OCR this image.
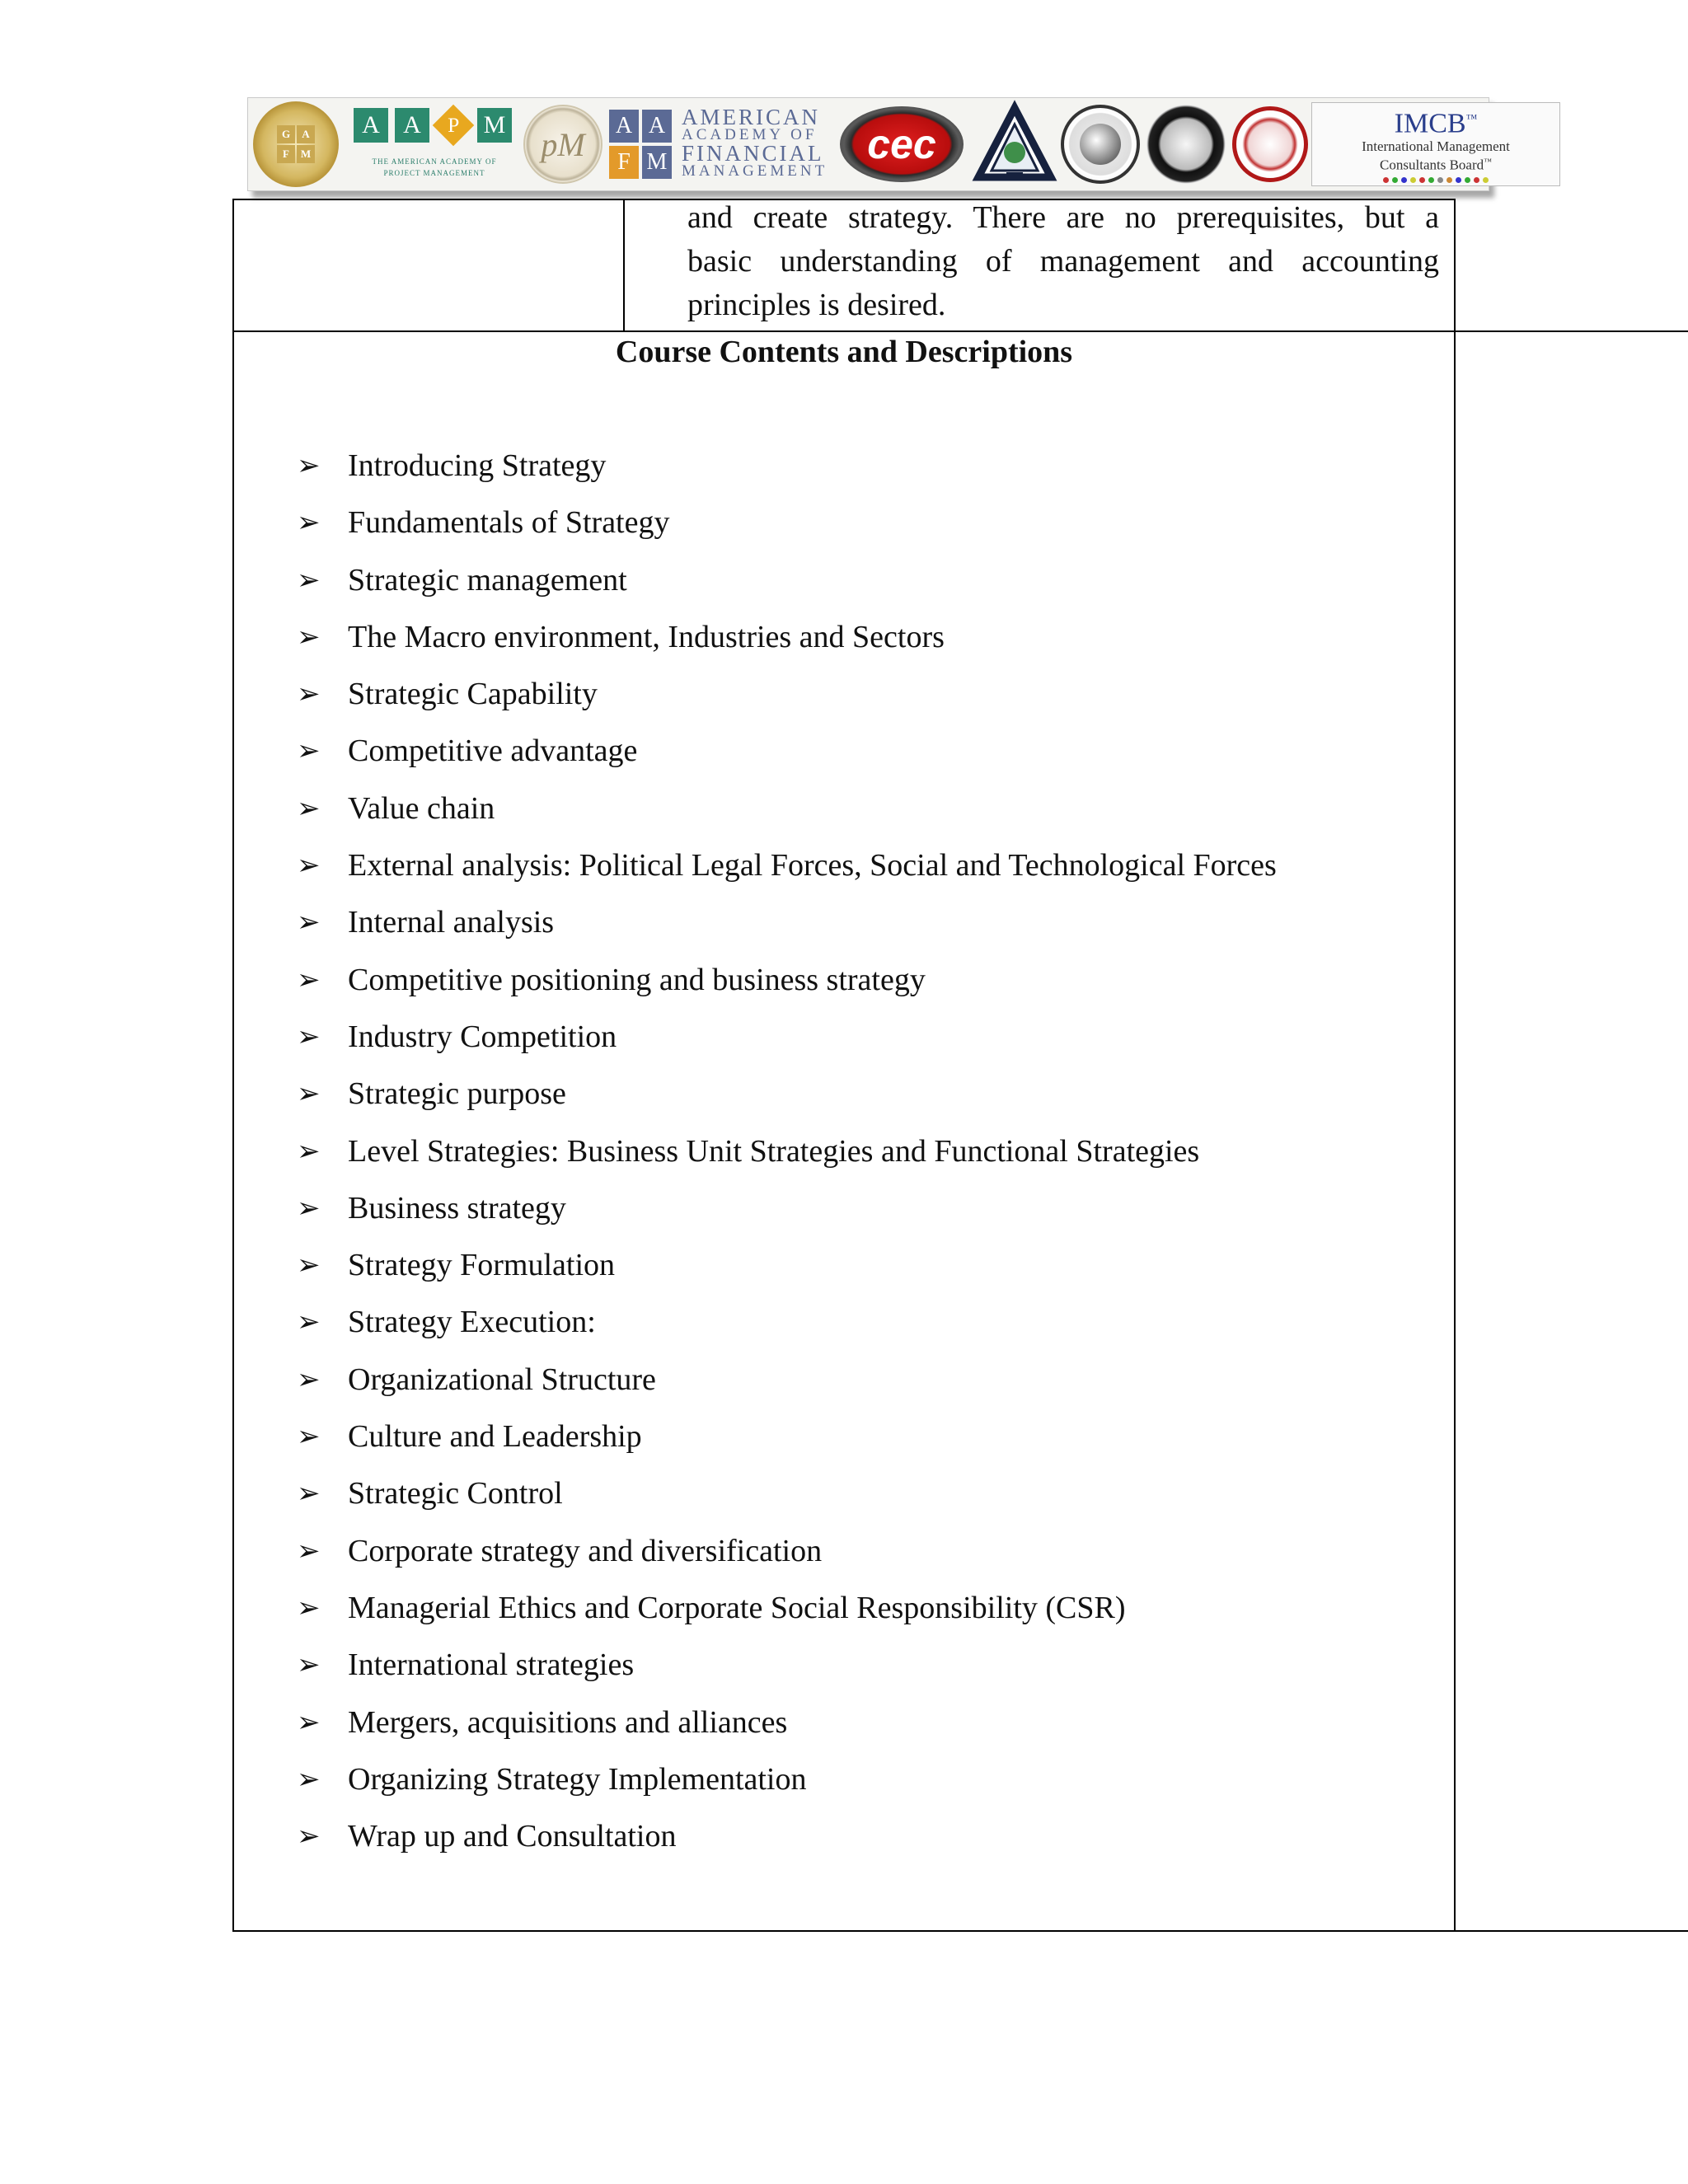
G	A
F	M
A A	P M
THE AMERICAN ACADEMY OF
PROJECT MANAGEMENT
pM A A
F M
AMERICAN
ACADEMY OF
FINANCIAL
MANAGEMENT
cec	IMCB™
International Management
Consultants Board™
and create strategy. There are no prerequisites, but a
basic understanding of management and accounting
principles is desired.
Course Contents and Descriptions
➢ Introducing Strategy
➢ Fundamentals of Strategy
➢ Strategic management
➢ The Macro environment, Industries and Sectors
➢ Strategic Capability
➢ Competitive advantage
➢ Value chain
➢ External analysis: Political Legal Forces, Social and Technological Forces
➢ Internal analysis
➢ Competitive positioning and business strategy
➢ Industry Competition
➢ Strategic purpose
➢ Level Strategies: Business Unit Strategies and Functional Strategies
➢ Business strategy
➢ Strategy Formulation
➢ Strategy Execution:
➢ Organizational Structure
➢ Culture and Leadership
➢ Strategic Control
➢ Corporate strategy and diversification
➢ Managerial Ethics and Corporate Social Responsibility (CSR)
➢ International strategies
➢ Mergers, acquisitions and alliances
➢ Organizing Strategy Implementation
➢ Wrap up and Consultation
